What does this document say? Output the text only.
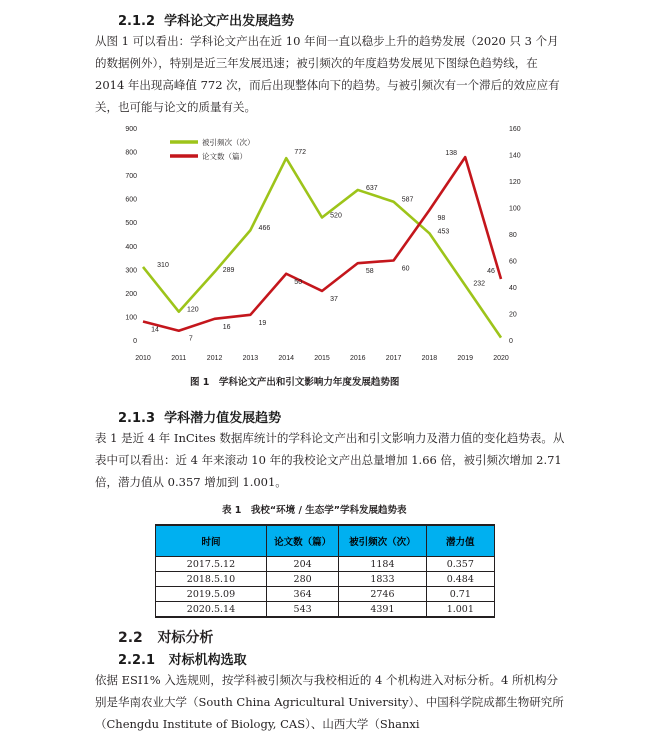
2.1.2 学科论文产出发展趋势

从图 1 可以看出：学科论文产出在近 10 年间一直以稳步上升的趋势发展（2020 只 3 个月的数据例外），特别是近三年发展迅速；被引频次的年度趋势发展见下图绿色趋势线，在 2014 年出现高峰值 772 次，而后出现整体向下的趋势。与被引频次有一个滞后的效应应有关，也可能与论文的质量有关。

0
100
200
300
400
500
600
700
800
900
0
20
40
60
80
100
120
140
160
2010	2011	2012	2013	2014	2015	2016	2017	2018	2019	2020
310
120
289
466
772
520
637
587
453
232
14
7
16
19
50
37
58	60
98
138
46
被引频次（次）
论文数（篇）
图 1　学科论文产出和引文影响力年度发展趋势图
2.1.3 学科潜力值发展趋势

表 1 是近 4 年 InCites 数据库统计的学科论文产出和引文影响力及潜力值的变化趋势表。从表中可以看出：近 4 年来滚动 10 年的我校论文产出总量增加 1.66 倍，被引频次增加 2.71 倍，潜力值从 0.357 增加到 1.001。

表 1　我校“环境 / 生态学”学科发展趋势表
时间	论文数（篇）	被引频次（次）	潜力值
2017.5.12	204	1184	0.357
2018.5.10	280	1833	0.484
2019.5.09	364	2746	0.71
2020.5.14	543	4391	1.001
2.2 对标分析
2.2.1 对标机构选取

依据 ESI1% 入选规则，按学科被引频次与我校相近的 4 个机构进入对标分析。4 所机构分别是华南农业大学（South China Agricultural University）、中国科学院成都生物研究所（Chengdu Institute of Biology, CAS）、山西大学（Shanxi
